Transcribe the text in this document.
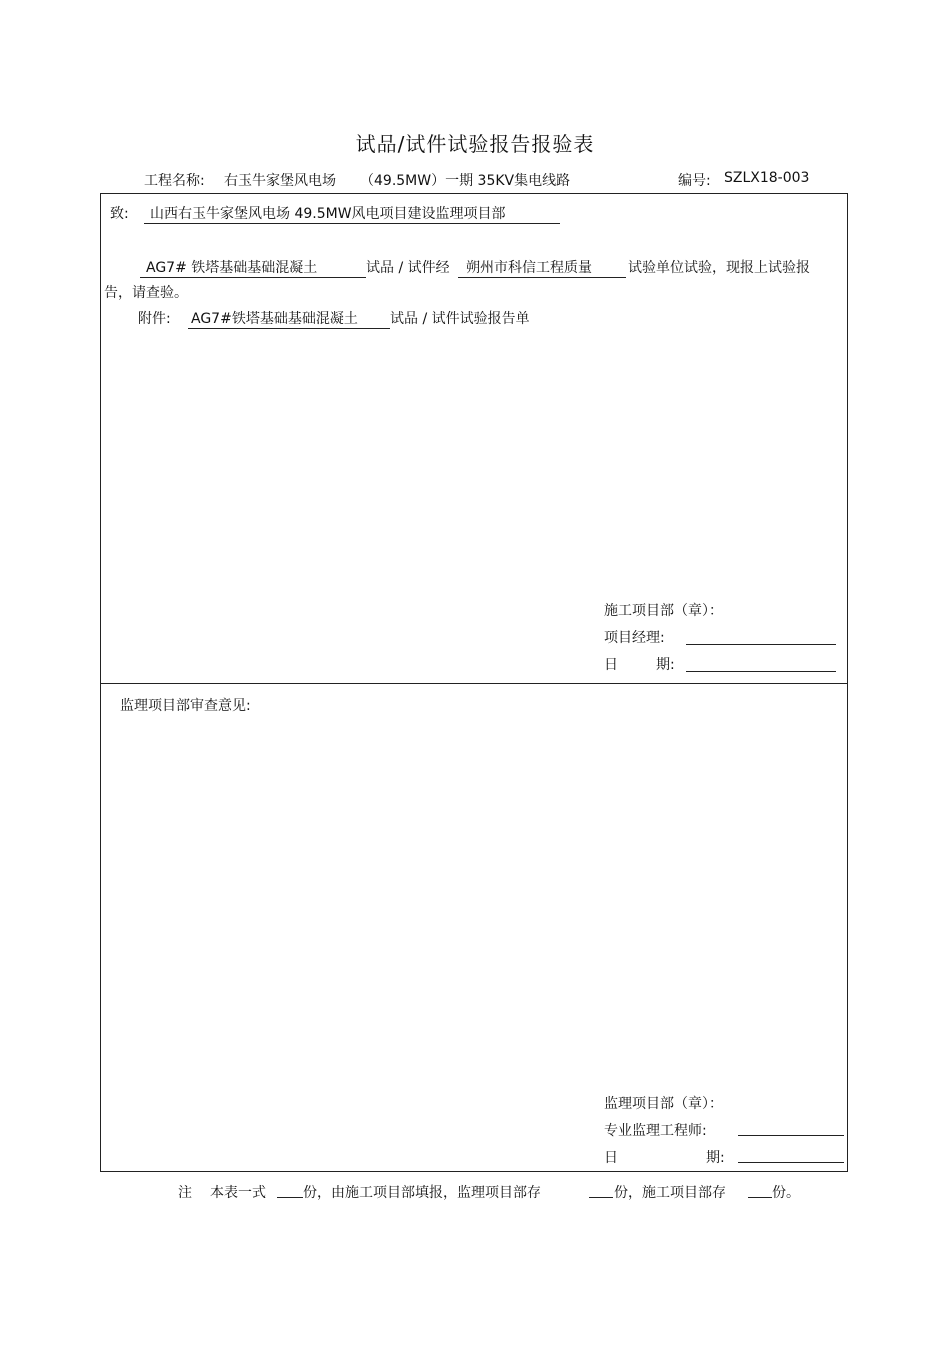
试品/试件试验报告报验表
工程名称: 右玉牛家堡风电场 （49.5MW）一期 35KV集电线路	编号: SZLX18-003
致:	山西右玉牛家堡风电场 49.5MW风电项目建设监理项目部
AG7# 铁塔基础基础混凝土	试品 / 试件经	朔州市科信工程质量	试验单位试验，现报上试验报
告，请查验。
附件: AG7#铁塔基础基础混凝土	试品 / 试件试验报告单
施工项目部（章）：
项目经理:
日	期:
监理项目部审查意见:
监理项目部（章）：
专业监理工程师:
日	期:
注 本表一式	份，由施工项目部填报，监理项目部存	份，施工项目部存	份。
